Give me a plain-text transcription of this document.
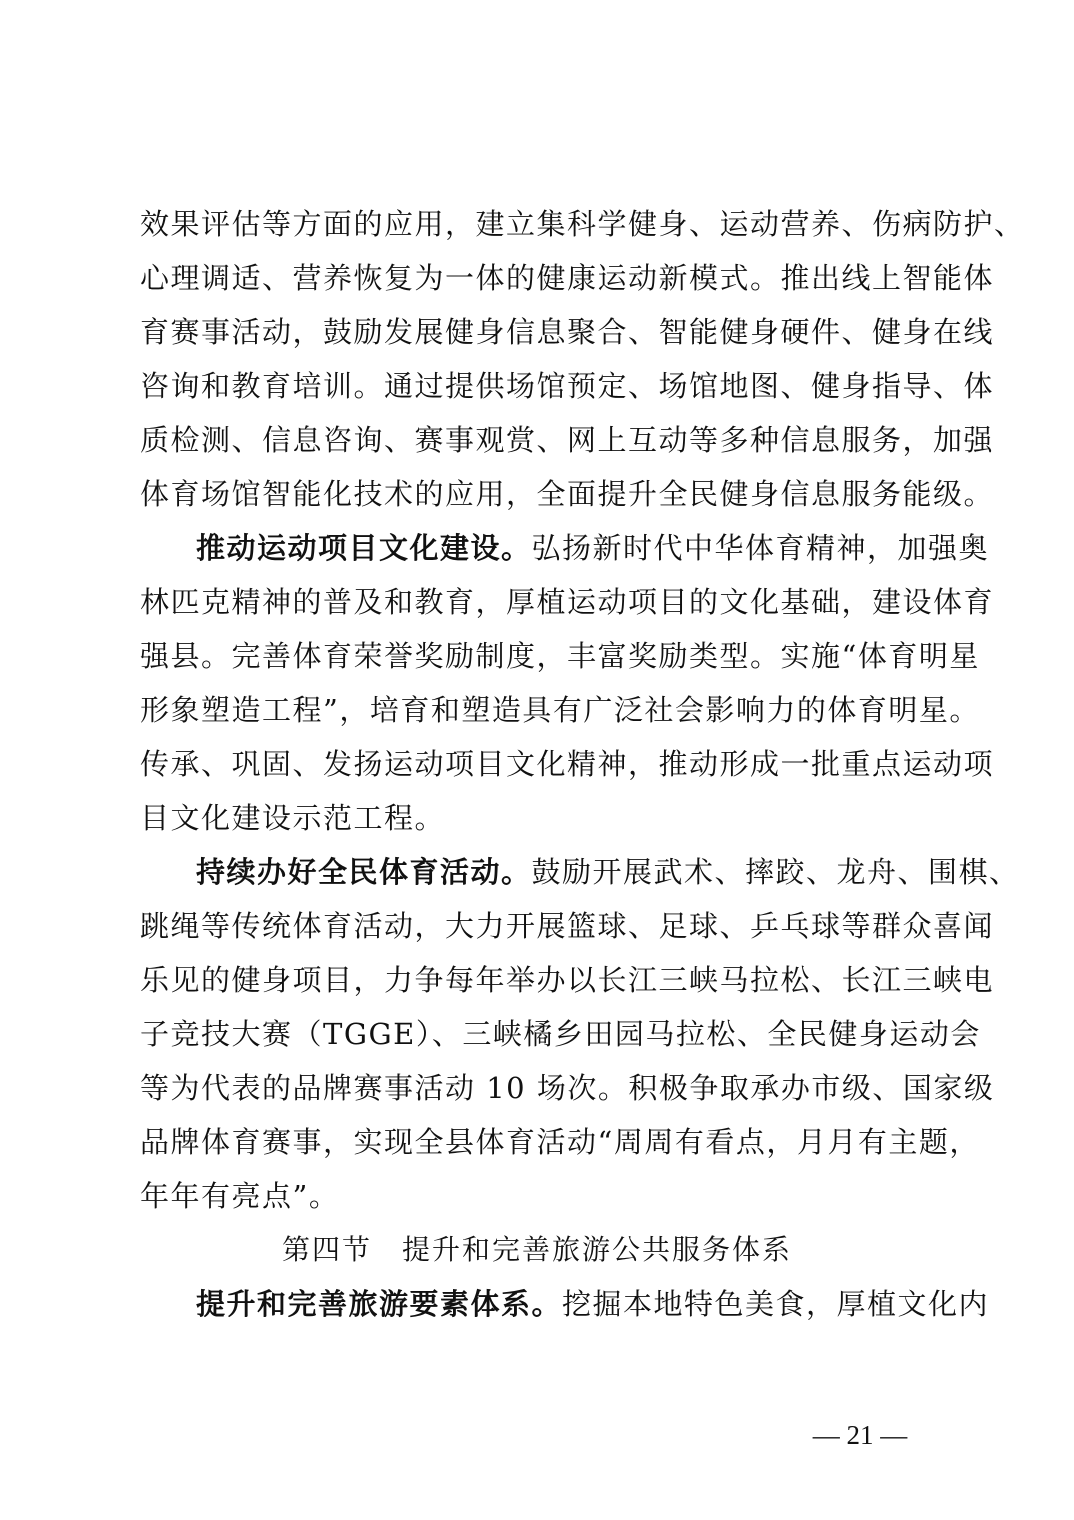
效果评估等方面的应用，建立集科学健身、运动营养、伤病防护、
心理调适、营养恢复为一体的健康运动新模式。推出线上智能体
育赛事活动，鼓励发展健身信息聚合、智能健身硬件、健身在线
咨询和教育培训。通过提供场馆预定、场馆地图、健身指导、体
质检测、信息咨询、赛事观赏、网上互动等多种信息服务，加强
体育场馆智能化技术的应用，全面提升全民健身信息服务能级。
推动运动项目文化建设。弘扬新时代中华体育精神，加强奥
林匹克精神的普及和教育，厚植运动项目的文化基础，建设体育
强县。完善体育荣誉奖励制度，丰富奖励类型。实施“体育明星
形象塑造工程”，培育和塑造具有广泛社会影响力的体育明星。
传承、巩固、发扬运动项目文化精神，推动形成一批重点运动项
目文化建设示范工程。
持续办好全民体育活动。鼓励开展武术、摔跤、龙舟、围棋、
跳绳等传统体育活动，大力开展篮球、足球、乒乓球等群众喜闻
乐见的健身项目，力争每年举办以长江三峡马拉松、长江三峡电
子竞技大赛（TGGE）、三峡橘乡田园马拉松、全民健身运动会
等为代表的品牌赛事活动 10 场次。积极争取承办市级、国家级
品牌体育赛事，实现全县体育活动“周周有看点，月月有主题，
年年有亮点”。
第四节　提升和完善旅游公共服务体系
提升和完善旅游要素体系。挖掘本地特色美食，厚植文化内
— 21 —
